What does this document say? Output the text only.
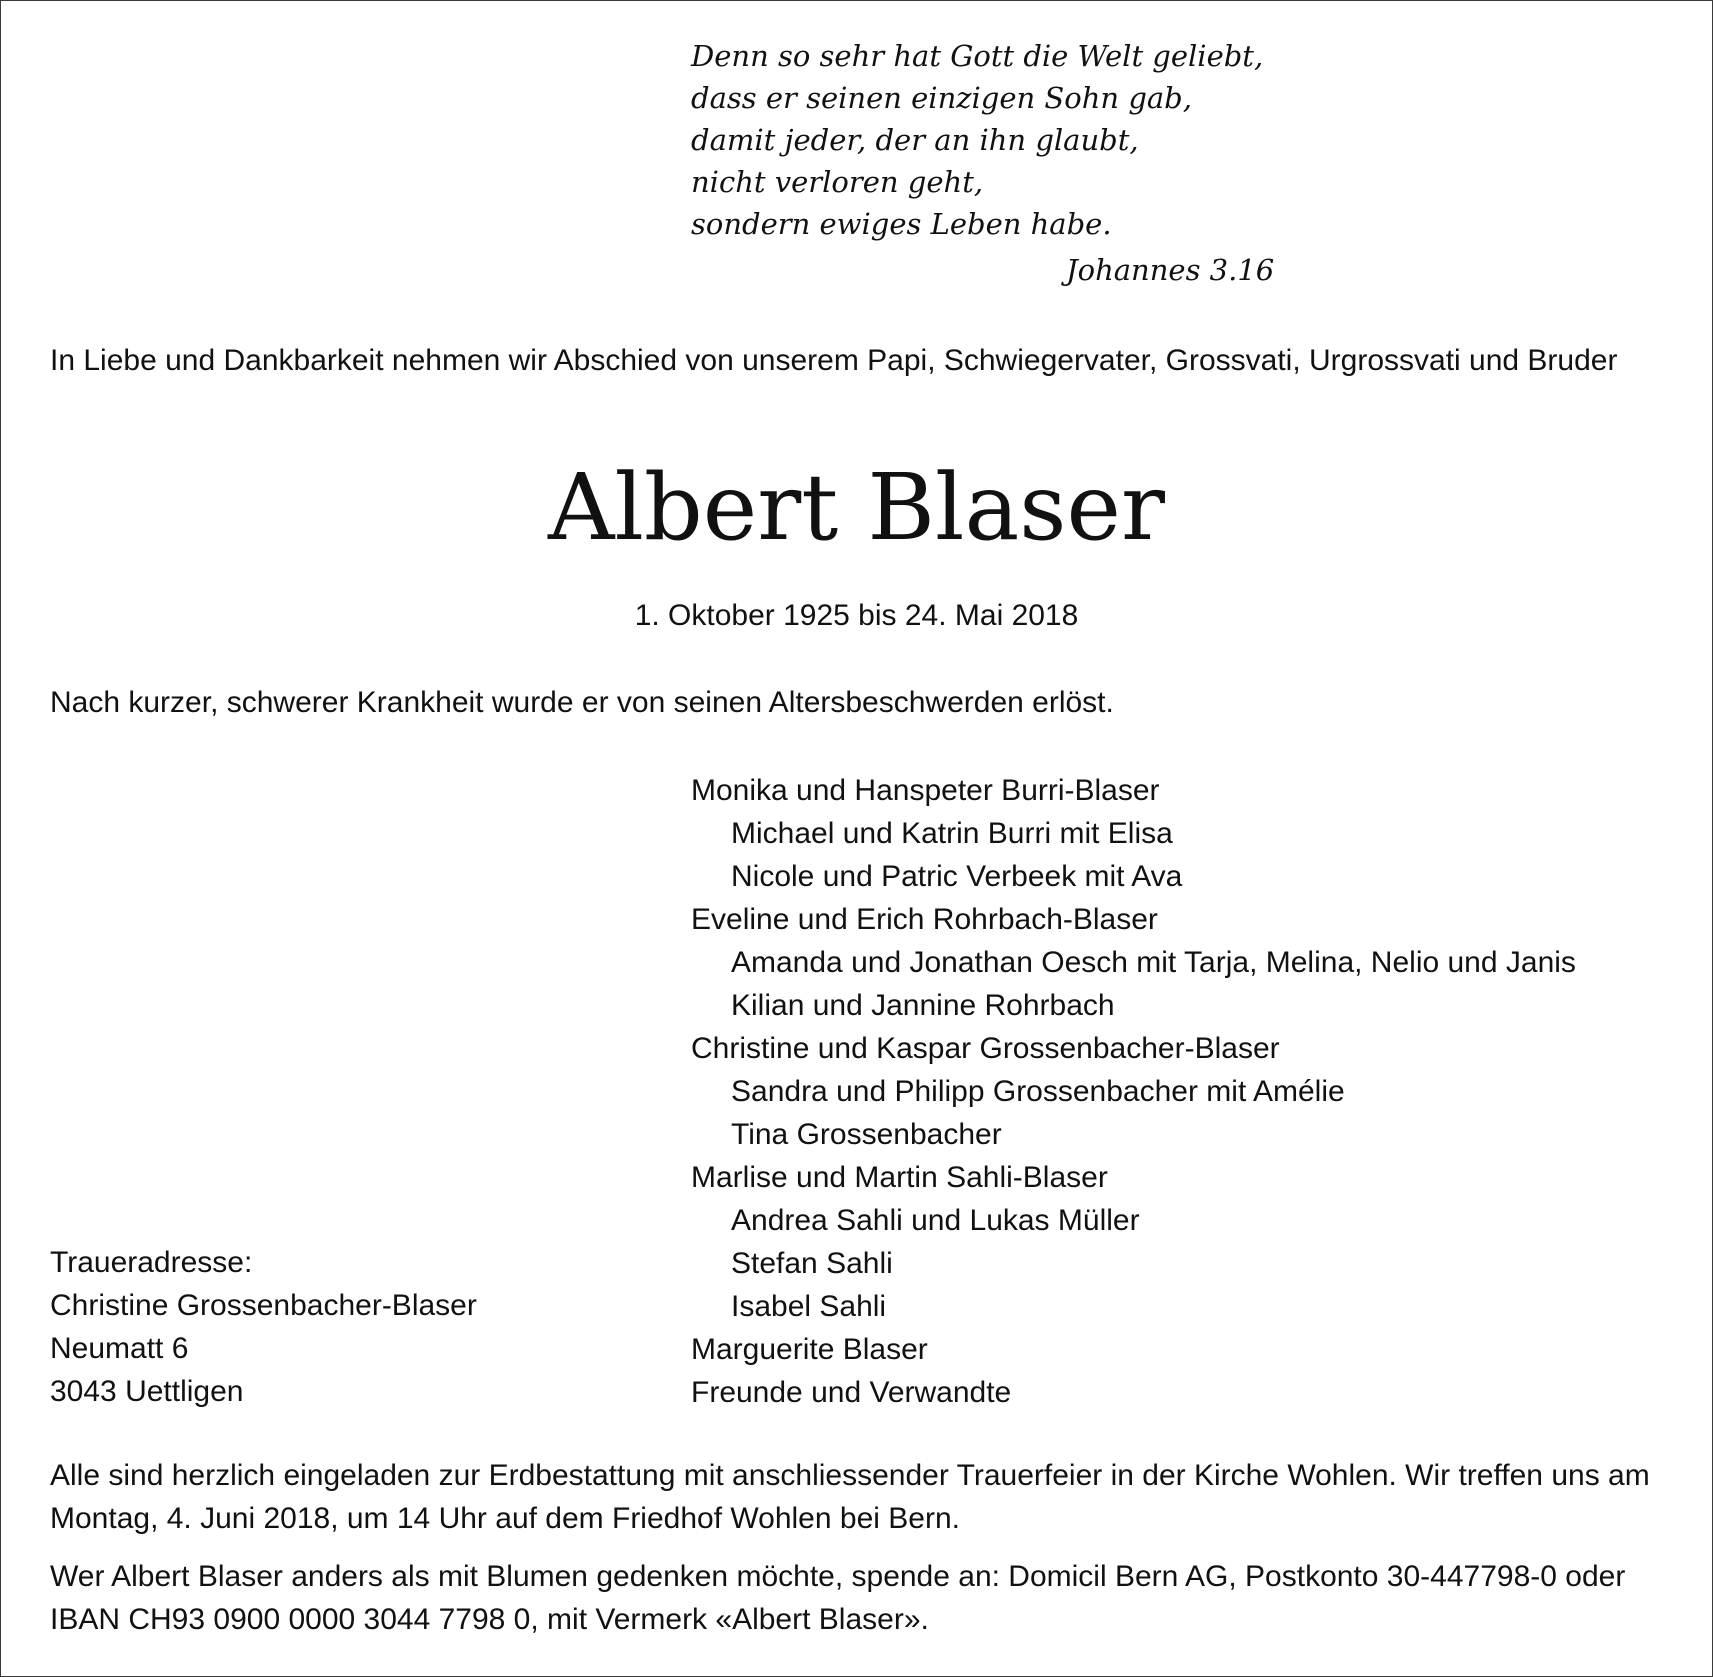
Denn so sehr hat Gott die Welt geliebt,
dass er seinen einzigen Sohn gab,
damit jeder, der an ihn glaubt,
nicht verloren geht,
sondern ewiges Leben habe.
Johannes 3.16
In Liebe und Dankbarkeit nehmen wir Abschied von unserem Papi, Schwiegervater, Grossvati, Urgrossvati und Bruder
Albert Blaser
1. Oktober 1925 bis 24. Mai 2018
Nach kurzer, schwerer Krankheit wurde er von seinen Altersbeschwerden erlöst.
Monika und Hanspeter Burri-Blaser
Michael und Katrin Burri mit Elisa
Nicole und Patric Verbeek mit Ava
Eveline und Erich Rohrbach-Blaser
Amanda und Jonathan Oesch mit Tarja, Melina, Nelio und Janis
Kilian und Jannine Rohrbach
Christine und Kaspar Grossenbacher-Blaser
Sandra und Philipp Grossenbacher mit Amélie
Tina Grossenbacher
Marlise und Martin Sahli-Blaser
Andrea Sahli und Lukas Müller
Stefan Sahli
Isabel Sahli
Marguerite Blaser
Freunde und Verwandte
Traueradresse:
Christine Grossenbacher-Blaser
Neumatt 6
3043 Uettligen
Alle sind herzlich eingeladen zur Erdbestattung mit anschliessender Trauerfeier in der Kirche Wohlen. Wir treffen uns am Montag, 4. Juni 2018, um 14 Uhr auf dem Friedhof Wohlen bei Bern.
Wer Albert Blaser anders als mit Blumen gedenken möchte, spende an: Domicil Bern AG, Postkonto 30-447798-0 oder IBAN CH93 0900 0000 3044 7798 0, mit Vermerk «Albert Blaser».
